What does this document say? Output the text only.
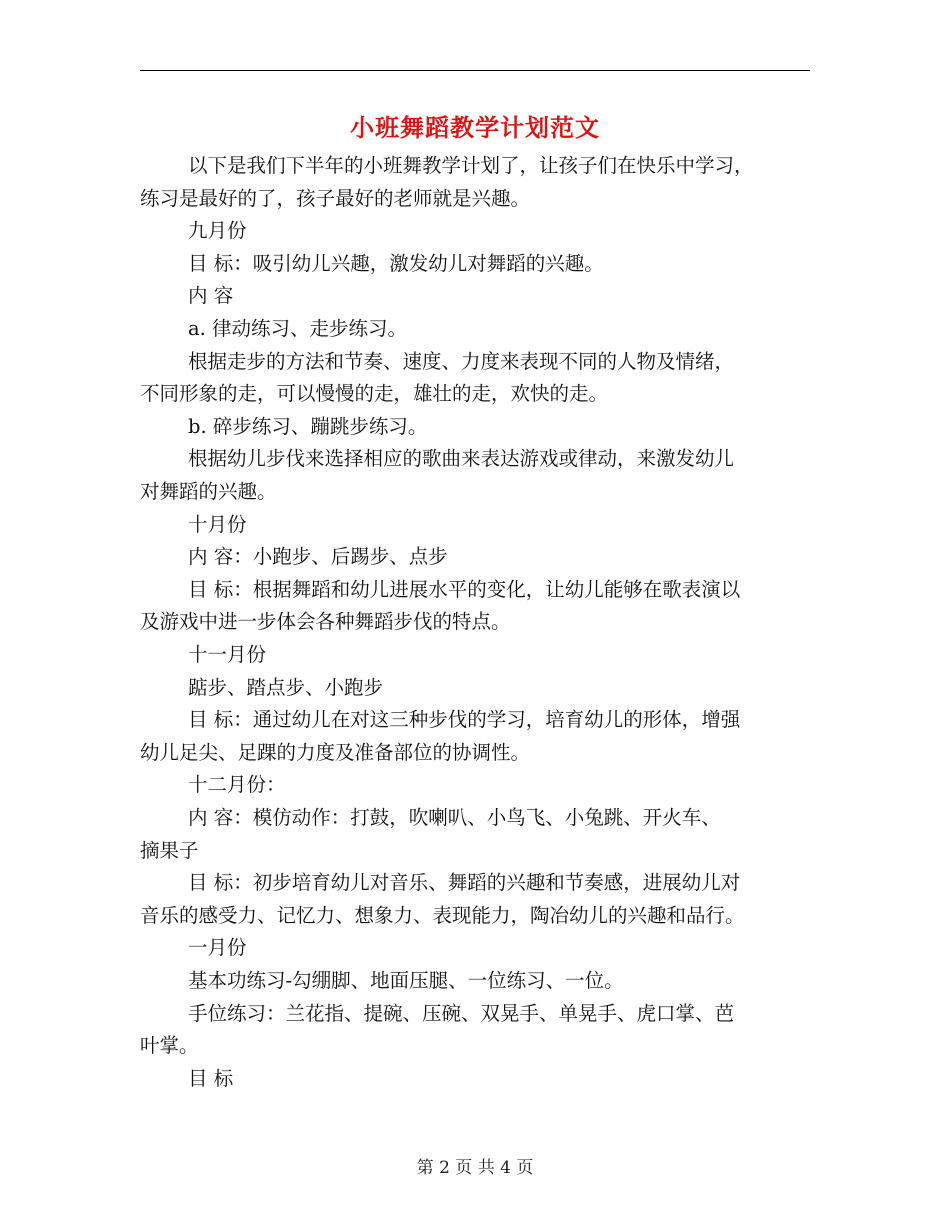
小班舞蹈教学计划范文
以下是我们下半年的小班舞教学计划了，让孩子们在快乐中学习，
练习是最好的了，孩子最好的老师就是兴趣。
九月份
目 标：吸引幼儿兴趣，激发幼儿对舞蹈的兴趣。
内 容
a. 律动练习、走步练习。
根据走步的方法和节奏、速度、力度来表现不同的人物及情绪，
不同形象的走，可以慢慢的走，雄壮的走，欢快的走。
b. 碎步练习、蹦跳步练习。
根据幼儿步伐来选择相应的歌曲来表达游戏或律动，来激发幼儿
对舞蹈的兴趣。
十月份
内 容：小跑步、后踢步、点步
目 标：根据舞蹈和幼儿进展水平的变化，让幼儿能够在歌表演以
及游戏中进一步体会各种舞蹈步伐的特点。
十一月份
踮步、踏点步、小跑步
目 标：通过幼儿在对这三种步伐的学习，培育幼儿的形体，增强
幼儿足尖、足踝的力度及准备部位的协调性。
十二月份：
内 容：模仿动作：打鼓，吹喇叭、小鸟飞、小兔跳、开火车、
摘果子
目 标：初步培育幼儿对音乐、舞蹈的兴趣和节奏感，进展幼儿对
音乐的感受力、记忆力、想象力、表现能力，陶冶幼儿的兴趣和品行。
一月份
基本功练习-勾绷脚、地面压腿、一位练习、一位。
手位练习：兰花指、提碗、压碗、双晃手、单晃手、虎口掌、芭
叶掌。
目 标
第 2 页 共 4 页
